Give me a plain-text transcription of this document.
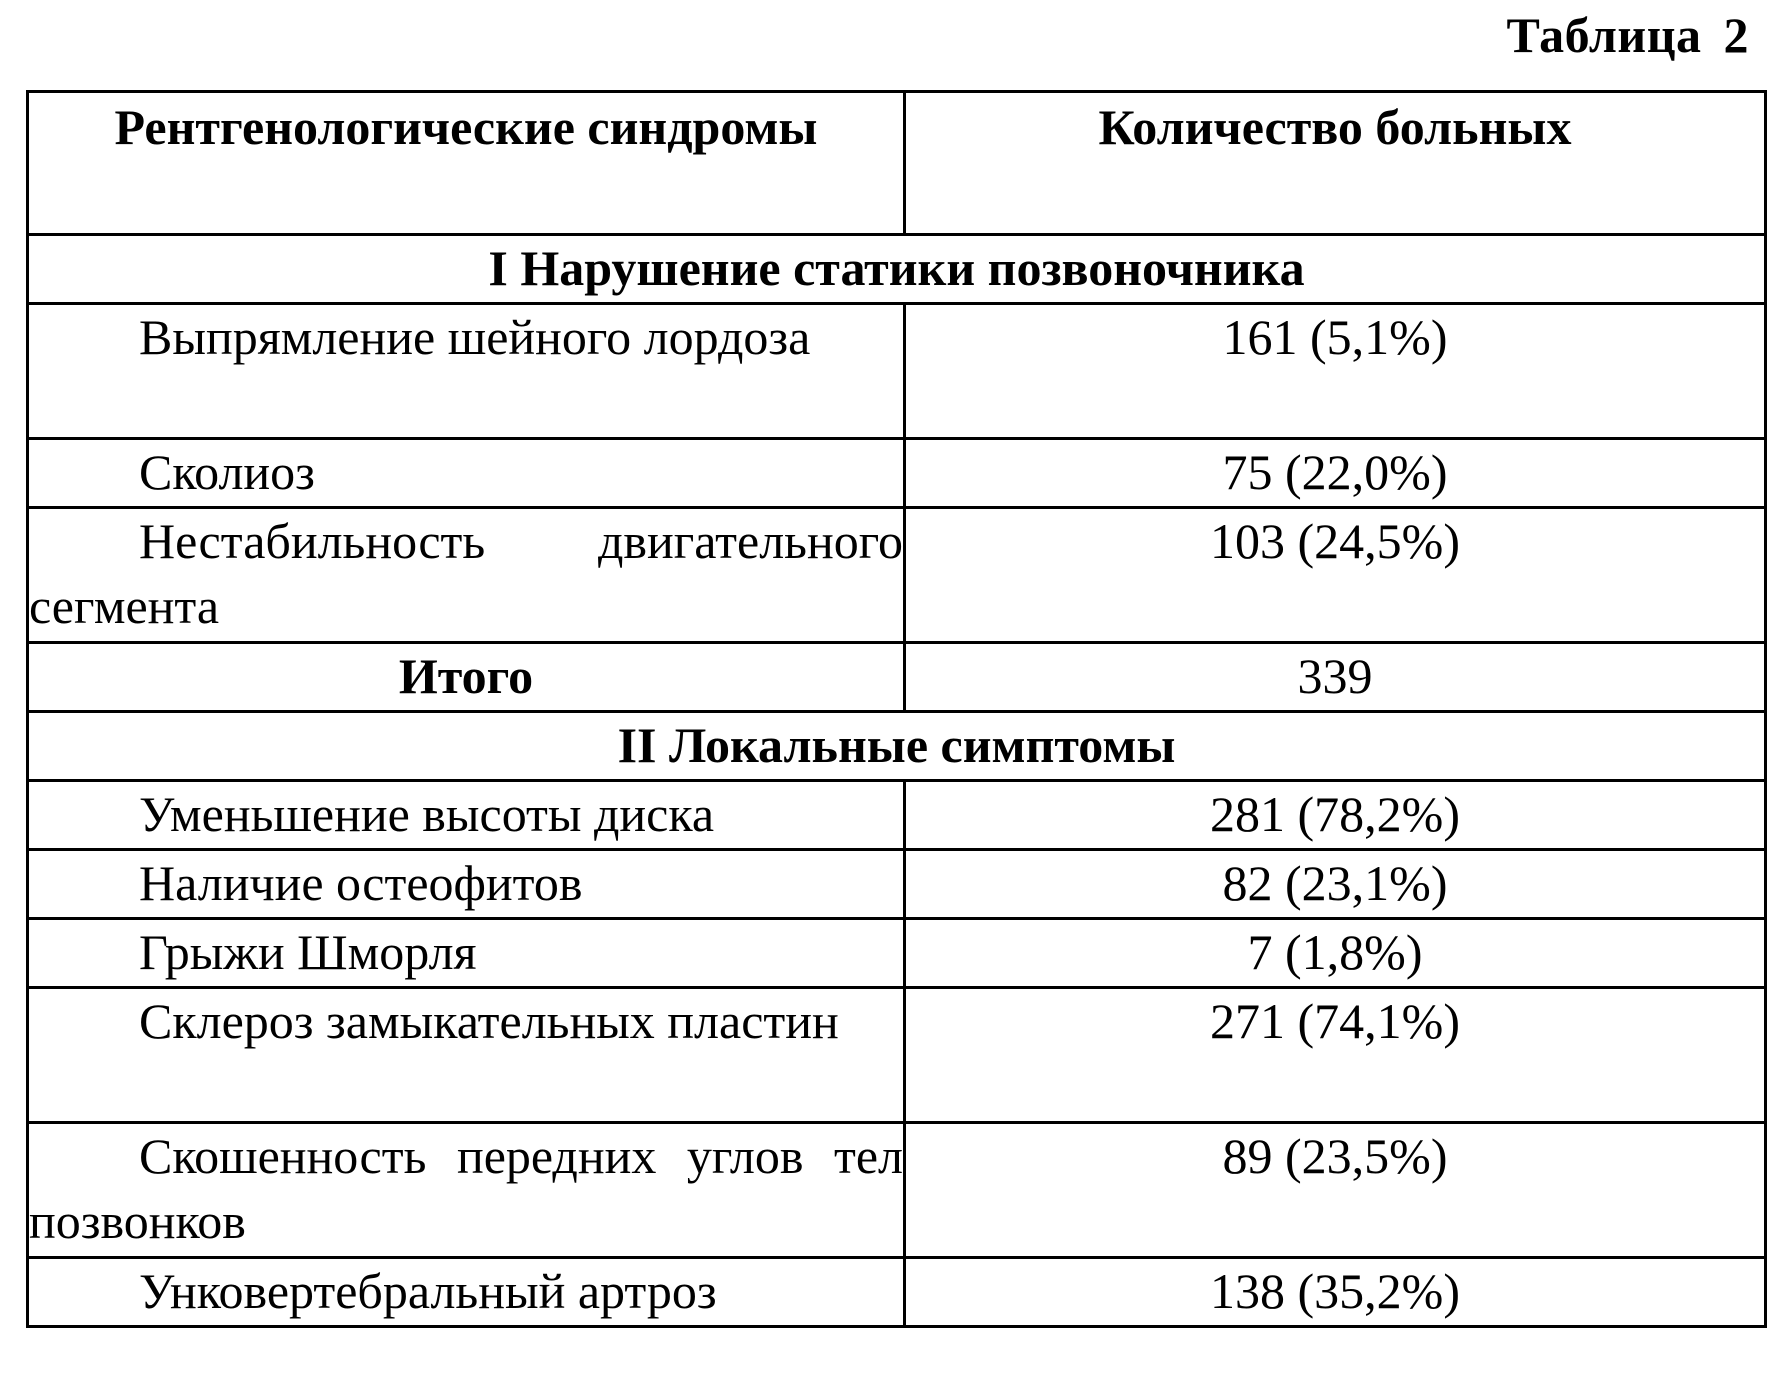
Таблица 2
Рентгенологические синдромы	Количество больных

I Нарушение статики позвоночника	

Выпрямление шейного лордоза	161 (5,1%)

Сколиоз	75 (22,0%)

Нестабильность двигательного сегмента	103 (24,5%)
Итого	339
II Локальные симптомы	

Уменьшение высоты диска	281 (78,2%)

Наличие остеофитов	82 (23,1%)

Грыжи Шморля	7 (1,8%)

Склероз замыкательных пластин	271 (74,1%)

Скошенность передних углов тел позвонков	89 (23,5%)

Унковертебральный артроз	138 (35,2%)
